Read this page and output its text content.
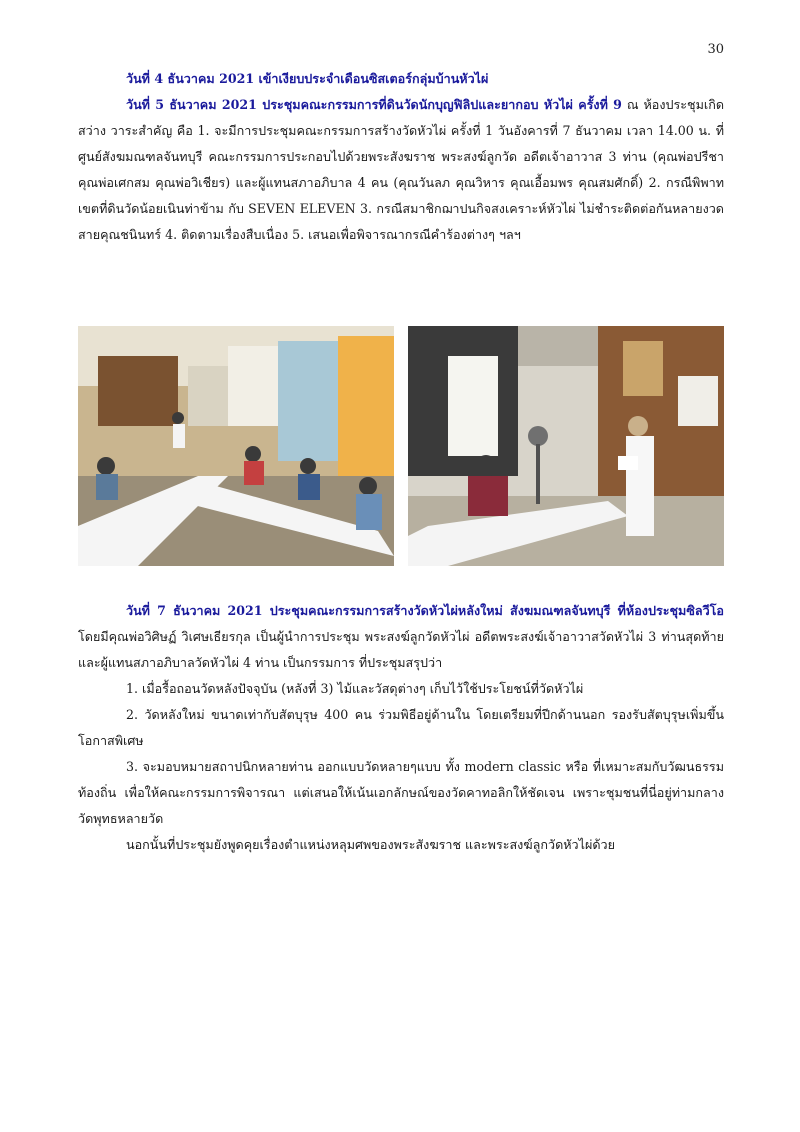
30

วันที่ 4 ธันวาคม 2021 เข้าเงียบประจำเดือนซิสเตอร์กลุ่มบ้านหัวไผ่

วันที่ 5 ธันวาคม 2021 ประชุมคณะกรรมการที่ดินวัดนักบุญฟิลิปและยากอบ หัวไผ่ ครั้งที่ 9 ณ ห้องประชุมเกิดสว่าง วาระสำคัญ คือ 1. จะมีการประชุมคณะกรรมการสร้างวัดหัวไผ่ ครั้งที่ 1 วันอังคารที่ 7 ธันวาคม เวลา 14.00 น. ที่ศูนย์สังฆมณฑลจันทบุรี คณะกรรมการประกอบไปด้วยพระสังฆราช พระสงฆ์ลูกวัด อดีตเจ้าอาวาส 3 ท่าน (คุณพ่อปรีชา คุณพ่อเศกสม คุณพ่อวิเชียร) และผู้แทนสภาอภิบาล 4 คน (คุณวันลภ คุณวิหาร คุณเอื้อมพร คุณสมศักดิ์) 2. กรณีพิพาทเขตที่ดินวัดน้อยเนินท่าข้าม กับ SEVEN ELEVEN 3. กรณีสมาชิกฌาปนกิจสงเคราะห์หัวไผ่ ไม่ชำระติดต่อกันหลายงวดสายคุณชนินทร์ 4. ติดตามเรื่องสืบเนื่อง 5. เสนอเพื่อพิจารณากรณีคำร้องต่างๆ ฯลฯ

วันที่ 7 ธันวาคม 2021 ประชุมคณะกรรมการสร้างวัดหัวไผ่หลังใหม่ สังฆมณฑลจันทบุรี ที่ห้องประชุมซิลวีโอ โดยมีคุณพ่อวิศิษฏ์ วิเศษเธียรกุล เป็นผู้นำการประชุม พระสงฆ์ลูกวัดหัวไผ่ อดีตพระสงฆ์เจ้าอาวาสวัดหัวไผ่ 3 ท่านสุดท้าย และผู้แทนสภาอภิบาลวัดหัวไผ่ 4 ท่าน เป็นกรรมการ ที่ประชุมสรุปว่า

1. เมื่อรื้อถอนวัดหลังปัจจุบัน (หลังที่ 3) ไม้และวัสดุต่างๆ เก็บไว้ใช้ประโยชน์ที่วัดหัวไผ่

2. วัดหลังใหม่ ขนาดเท่ากับสัตบุรุษ 400 คน ร่วมพิธีอยู่ด้านใน โดยเตรียมที่ปีกด้านนอก รองรับสัตบุรุษเพิ่มขึ้น โอกาสพิเศษ

3. จะมอบหมายสถาปนิกหลายท่าน ออกแบบวัดหลายๆแบบ ทั้ง modern classic หรือ ที่เหมาะสมกับวัฒนธรรมท้องถิ่น เพื่อให้คณะกรรมการพิจารณา แต่เสนอให้เน้นเอกลักษณ์ของวัดคาทอลิกให้ชัดเจน เพราะชุมชนที่นี่อยู่ท่ามกลางวัดพุทธหลายวัด

นอกนั้นที่ประชุมยังพูดคุยเรื่องตำแหน่งหลุมศพของพระสังฆราช และพระสงฆ์ลูกวัดหัวไผ่ด้วย
